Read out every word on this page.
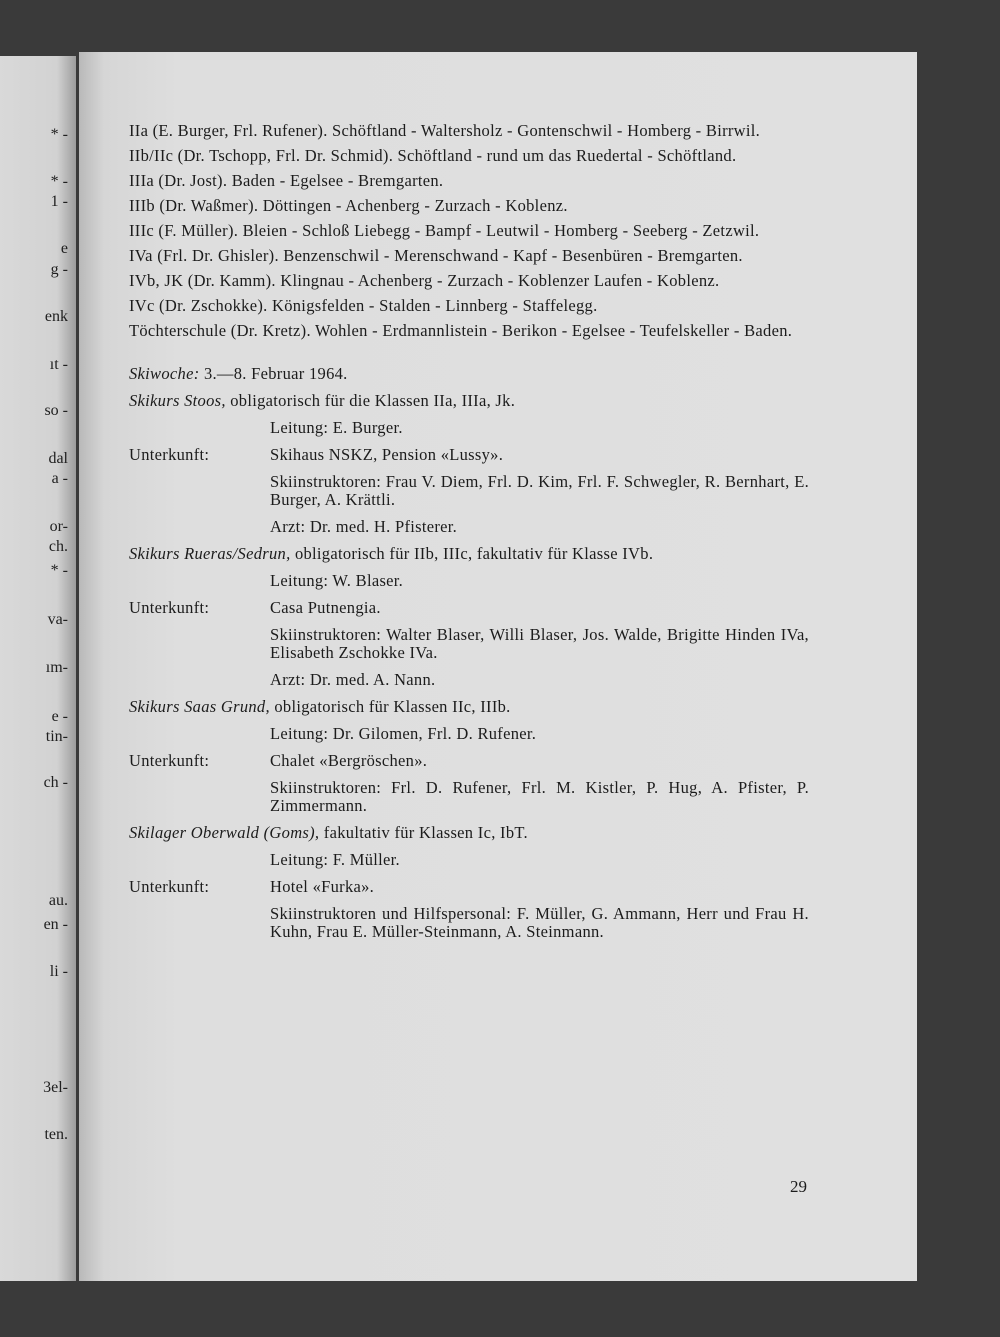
* -
* -
1 -
e
g -
enk
ıt -
so -
dal
a -
or-
ch.
* -
va-
ım-
e -
tin-
ch -
au.
en -
li -
3el-
ten.

IIa (E. Burger, Frl. Rufener). Schöftland - Waltersholz - Gontenschwil - Homberg - Birrwil.

IIb/IIc (Dr. Tschopp, Frl. Dr. Schmid). Schöftland - rund um das Ruedertal - Schöftland.

IIIa (Dr. Jost). Baden - Egelsee - Bremgarten.

IIIb (Dr. Waßmer). Döttingen - Achenberg - Zurzach - Koblenz.

IIIc (F. Müller). Bleien - Schloß Liebegg - Bampf - Leutwil - Homberg - Seeberg - Zetzwil.

IVa (Frl. Dr. Ghisler). Benzenschwil - Merenschwand - Kapf - Besenbüren - Bremgarten.

IVb, JK (Dr. Kamm). Klingnau - Achenberg - Zurzach - Koblenzer Laufen - Koblenz.

IVc (Dr. Zschokke). Königsfelden - Stalden - Linnberg - Staffelegg.

Töchterschule (Dr. Kretz). Wohlen - Erdmannlistein - Berikon - Egelsee - Teufelskeller - Baden.

Skiwoche: 3.—8. Februar 1964.

Skikurs Stoos, obligatorisch für die Klassen IIa, IIIa, Jk.

Leitung: E. Burger.
Unterkunft:	Skihaus NSKZ, Pension «Lussy».
Skiinstruktoren: Frau V. Diem, Frl. D. Kim, Frl. F. Schwegler, R. Bernhart, E. Burger, A. Krättli.
Arzt: Dr. med. H. Pfisterer.

Skikurs Rueras/Sedrun, obligatorisch für IIb, IIIc, fakultativ für Klasse IVb.

Leitung: W. Blaser.
Unterkunft:	Casa Putnengia.
Skiinstruktoren: Walter Blaser, Willi Blaser, Jos. Walde, Brigitte Hinden IVa, Elisabeth Zschokke IVa.
Arzt: Dr. med. A. Nann.

Skikurs Saas Grund, obligatorisch für Klassen IIc, IIIb.

Leitung: Dr. Gilomen, Frl. D. Rufener.
Unterkunft:	Chalet «Bergröschen».
Skiinstruktoren: Frl. D. Rufener, Frl. M. Kistler, P. Hug, A. Pfister, P. Zimmermann.

Skilager Oberwald (Goms), fakultativ für Klassen Ic, IbT.

Leitung: F. Müller.
Unterkunft:	Hotel «Furka».
Skiinstruktoren und Hilfspersonal: F. Müller, G. Ammann, Herr und Frau H. Kuhn, Frau E. Müller-Steinmann, A. Steinmann.
29
